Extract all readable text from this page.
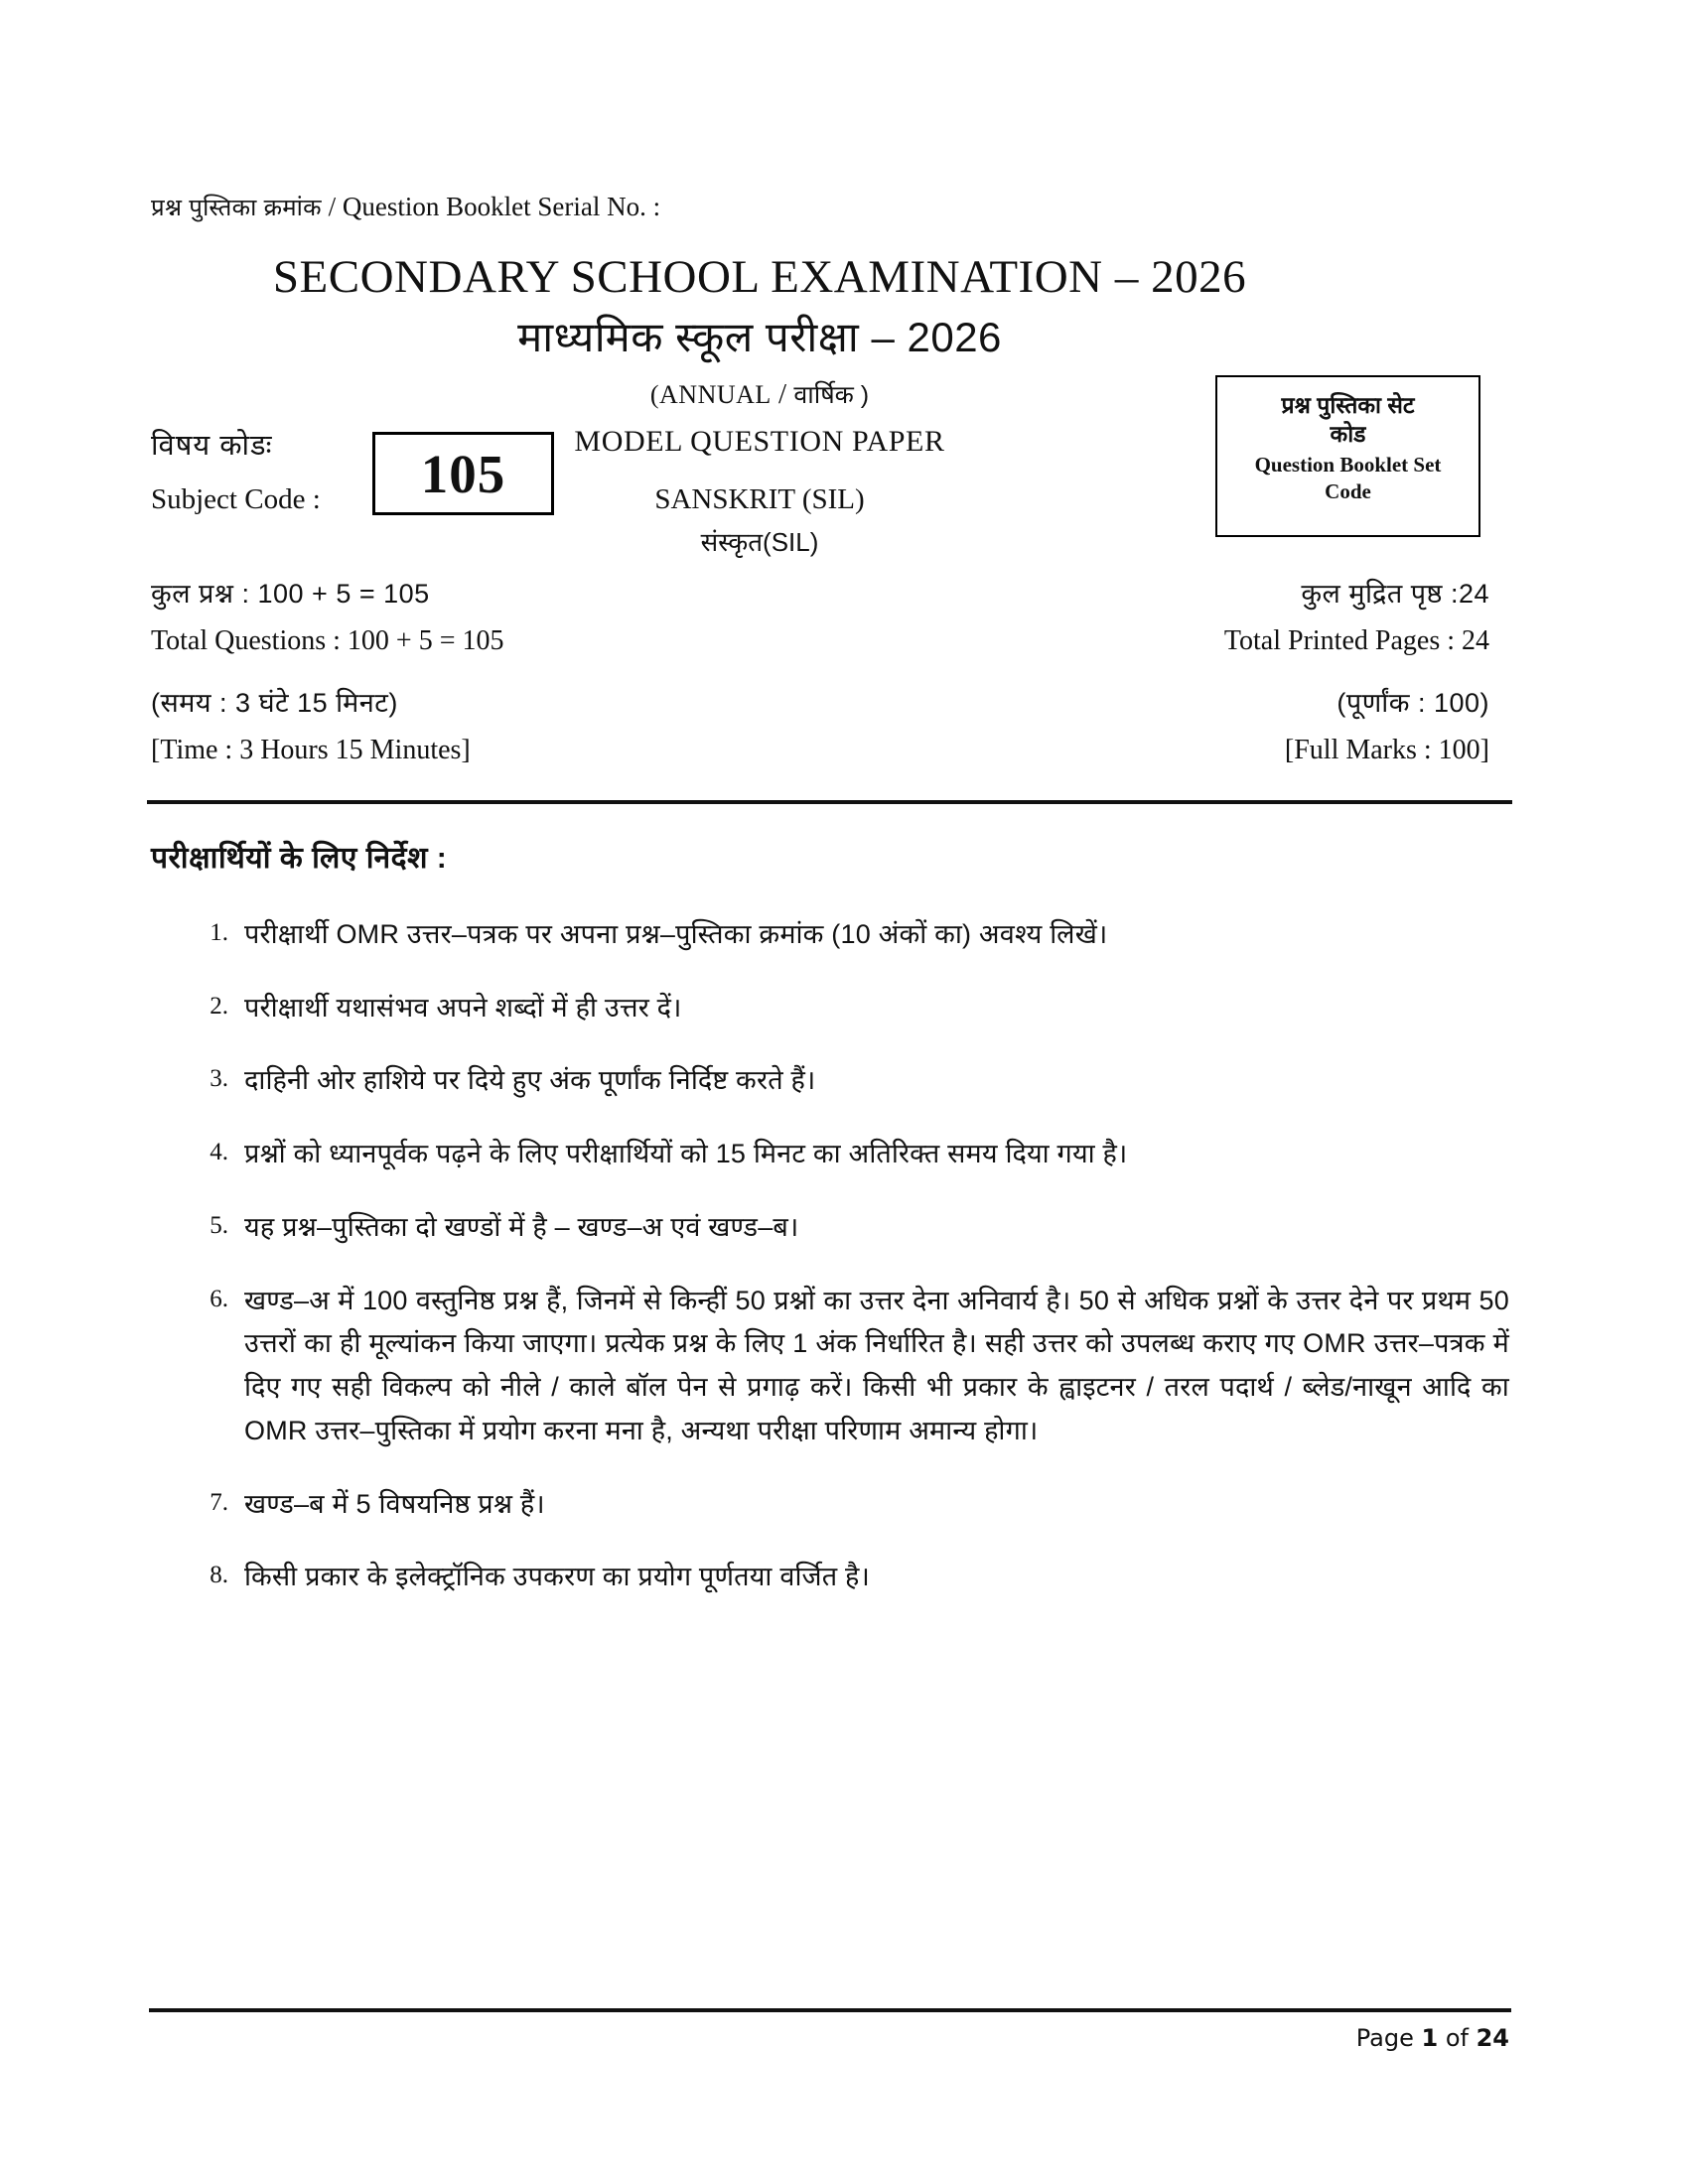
प्रश्न पुस्तिका क्रमांक / Question Booklet Serial No. :
SECONDARY SCHOOL EXAMINATION – 2026
माध्यमिक स्कूल परीक्षा – 2026
(ANNUAL / वार्षिक )
MODEL QUESTION PAPER
SANSKRIT (SIL)
संस्कृत(SIL)
विषय कोडः
Subject Code : 105
प्रश्न पुस्तिका सेट
कोड
Question Booklet Set
Code
कुल प्रश्न : 100 + 5 = 105
Total Questions : 100 + 5 = 105
(समय : 3 घंटे 15 मिनट)
[Time : 3 Hours 15 Minutes]
कुल मुद्रित पृष्ठ :24
Total Printed Pages : 24
(पूर्णांक : 100)
[Full Marks : 100]
परीक्षार्थियों के लिए निर्देश :
1. परीक्षार्थी OMR उत्तर–पत्रक पर अपना प्रश्न–पुस्तिका क्रमांक (10 अंकों का) अवश्य लिखें।
2. परीक्षार्थी यथासंभव अपने शब्दों में ही उत्तर दें।
3. दाहिनी ओर हाशिये पर दिये हुए अंक पूर्णांक निर्दिष्ट करते हैं।
4. प्रश्नों को ध्यानपूर्वक पढ़ने के लिए परीक्षार्थियों को 15 मिनट का अतिरिक्त समय दिया गया है।
5. यह प्रश्न–पुस्तिका दो खण्डों में है – खण्ड–अ एवं खण्ड–ब।
6. खण्ड–अ में 100 वस्तुनिष्ठ प्रश्न हैं, जिनमें से किन्हीं 50 प्रश्नों का उत्तर देना अनिवार्य है। 50 से अधिक प्रश्नों के उत्तर देने पर प्रथम 50 उत्तरों का ही मूल्यांकन किया जाएगा। प्रत्येक प्रश्न के लिए 1 अंक निर्धारित है। सही उत्तर को उपलब्ध कराए गए OMR उत्तर–पत्रक में दिए गए सही विकल्प को नीले / काले बॉल पेन से प्रगाढ़ करें। किसी भी प्रकार के ह्वाइटनर / तरल पदार्थ / ब्लेड/नाखून आदि का OMR उत्तर–पुस्तिका में प्रयोग करना मना है, अन्यथा परीक्षा परिणाम अमान्य होगा।
7. खण्ड–ब में 5 विषयनिष्ठ प्रश्न हैं।
8. किसी प्रकार के इलेक्ट्रॉनिक उपकरण का प्रयोग पूर्णतया वर्जित है।
Page 1 of 24
